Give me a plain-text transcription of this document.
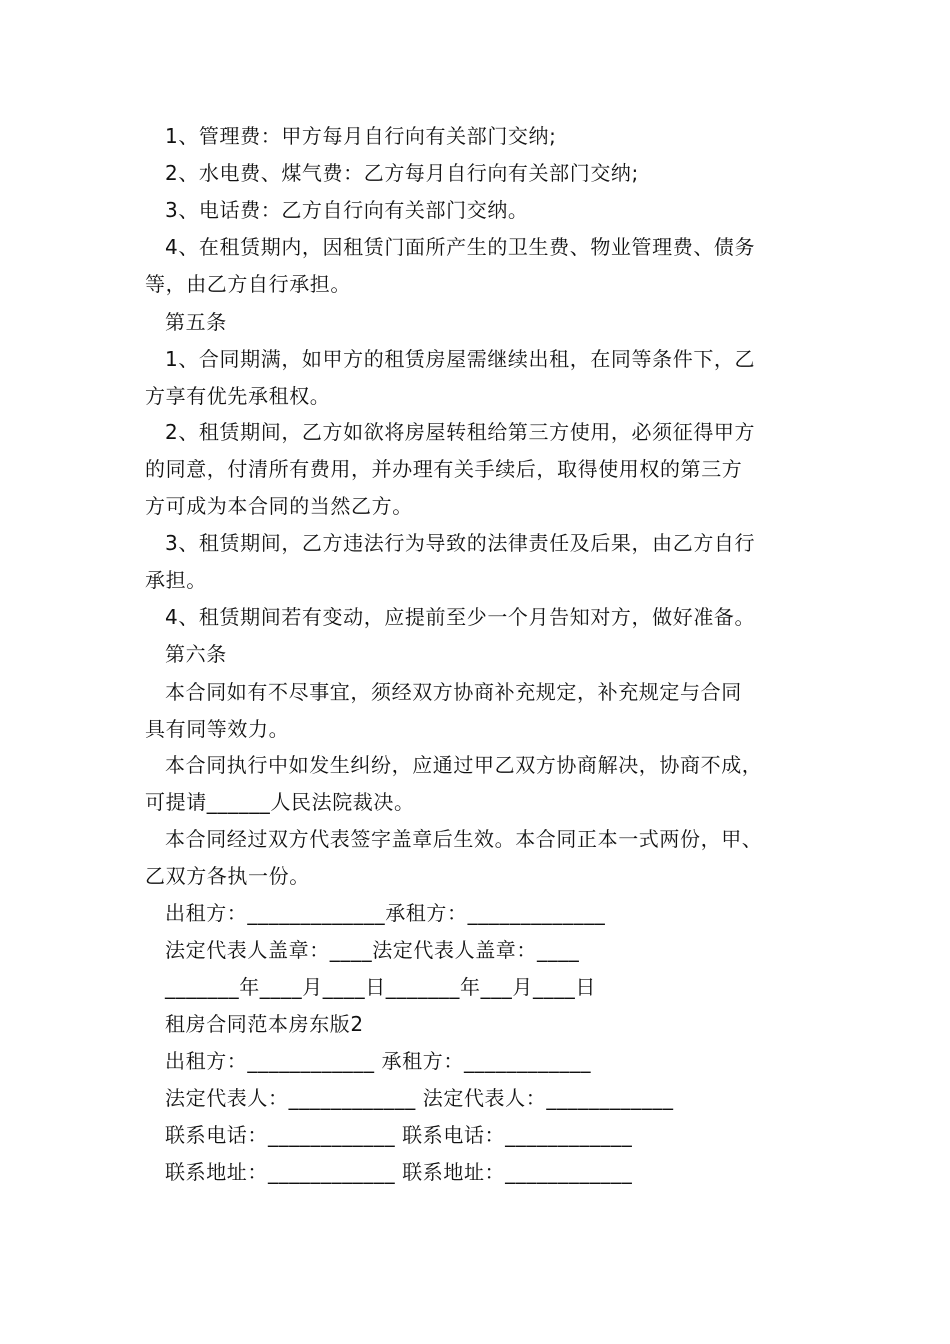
1、管理费：甲方每月自行向有关部门交纳;
2、水电费、煤气费：乙方每月自行向有关部门交纳;
3、电话费：乙方自行向有关部门交纳。
4、在租赁期内，因租赁门面所产生的卫生费、物业管理费、债务
等，由乙方自行承担。
第五条
1、合同期满，如甲方的租赁房屋需继续出租，在同等条件下，乙
方享有优先承租权。
2、租赁期间，乙方如欲将房屋转租给第三方使用，必须征得甲方
的同意，付清所有费用，并办理有关手续后，取得使用权的第三方
方可成为本合同的当然乙方。
3、租赁期间，乙方违法行为导致的法律责任及后果，由乙方自行
承担。
4、租赁期间若有变动，应提前至少一个月告知对方，做好准备。
第六条
本合同如有不尽事宜，须经双方协商补充规定，补充规定与合同
具有同等效力。
本合同执行中如发生纠纷，应通过甲乙双方协商解决，协商不成，
可提请______人民法院裁决。
本合同经过双方代表签字盖章后生效。本合同正本一式两份，甲、
乙双方各执一份。
出租方：_____________承租方：_____________
法定代表人盖章：____法定代表人盖章：____
_______年____月____日_______年___月____日
租房合同范本房东版2
出租方：____________ 承租方：____________
法定代表人：____________ 法定代表人：____________
联系电话：____________ 联系电话：____________
联系地址：____________ 联系地址：____________
